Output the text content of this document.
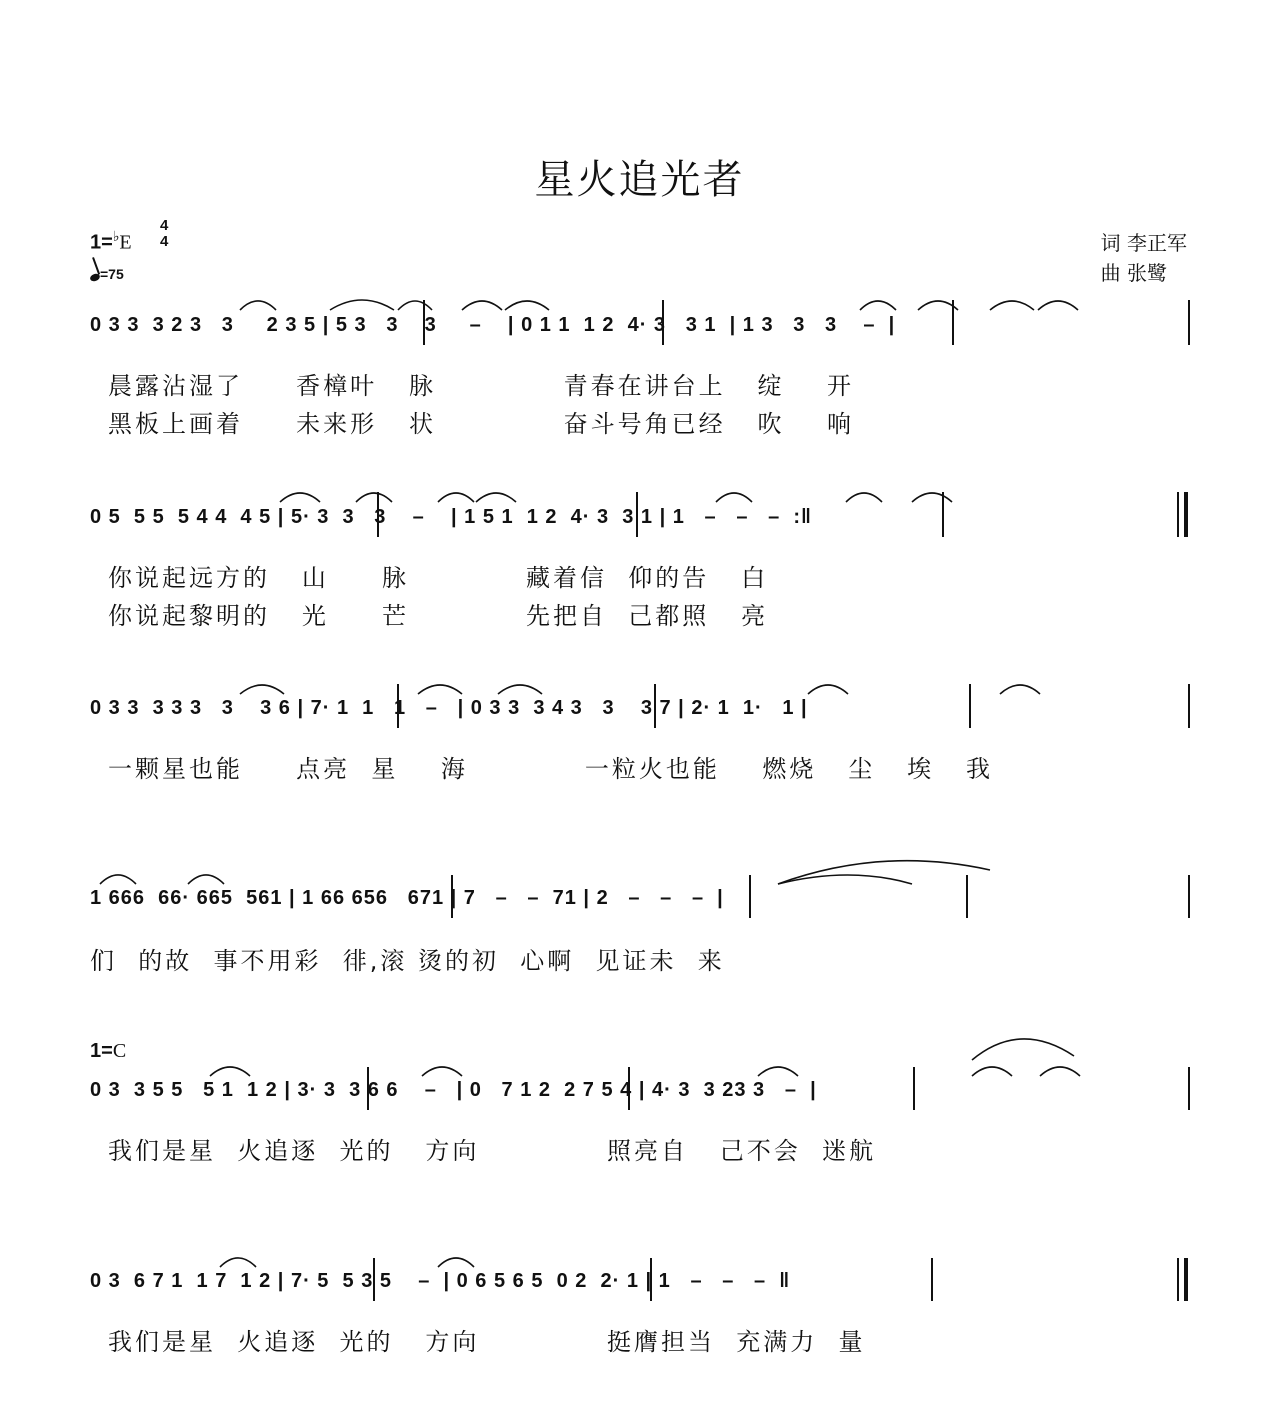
星火追光者
1=♭E
4
4
=75
词 李正军
曲 张鹭
0 3 3  3 2 3   3     2 3 5 | 5 3   3    3     –    | 0 1 1  1 2  4· 3   3 1  | 1 3   3   3    –  |
晨露沾湿了     香樟叶   脉            青春在讲台上   绽    开
黑板上画着     未来形   状            奋斗号角已经   吹    响
0 5  5 5  5 4 4  4 5 | 5· 3  3   3    –    | 1 5 1  1 2  4· 3  3 1 | 1   –   –   –  :‖
你说起远方的   山     脉           藏着信  仰的告   白
你说起黎明的   光     芒           先把自  己都照   亮
0 3 3  3 3 3   3    3 6 | 7· 1  1   1   –   | 0 3 3  3 4 3   3    3 7 | 2· 1  1·   1 |
一颗星也能     点亮  星    海           一粒火也能    燃烧   尘   埃   我
1 666  66· 665  561 | 1 66 656   671 | 7   –   –  71 | 2   –   –   –  |
们  的故  事不用彩  徘,滚 烫的初  心啊  见证未  来
1=C
0 3  3 5 5   5 1  1 2 | 3· 3  3 6 6    –   | 0   7 1 2  2 7 5 4 | 4· 3  3 23 3   –  |
我们是星  火追逐  光的   方向            照亮自   己不会  迷航
0 3  6 7 1  1 7  1 2 | 7· 5  5 3 5    –  | 0 6 5 6 5  0 2  2· 1 | 1   –   –   –  ‖
我们是星  火追逐  光的   方向            挺膺担当  充满力  量
